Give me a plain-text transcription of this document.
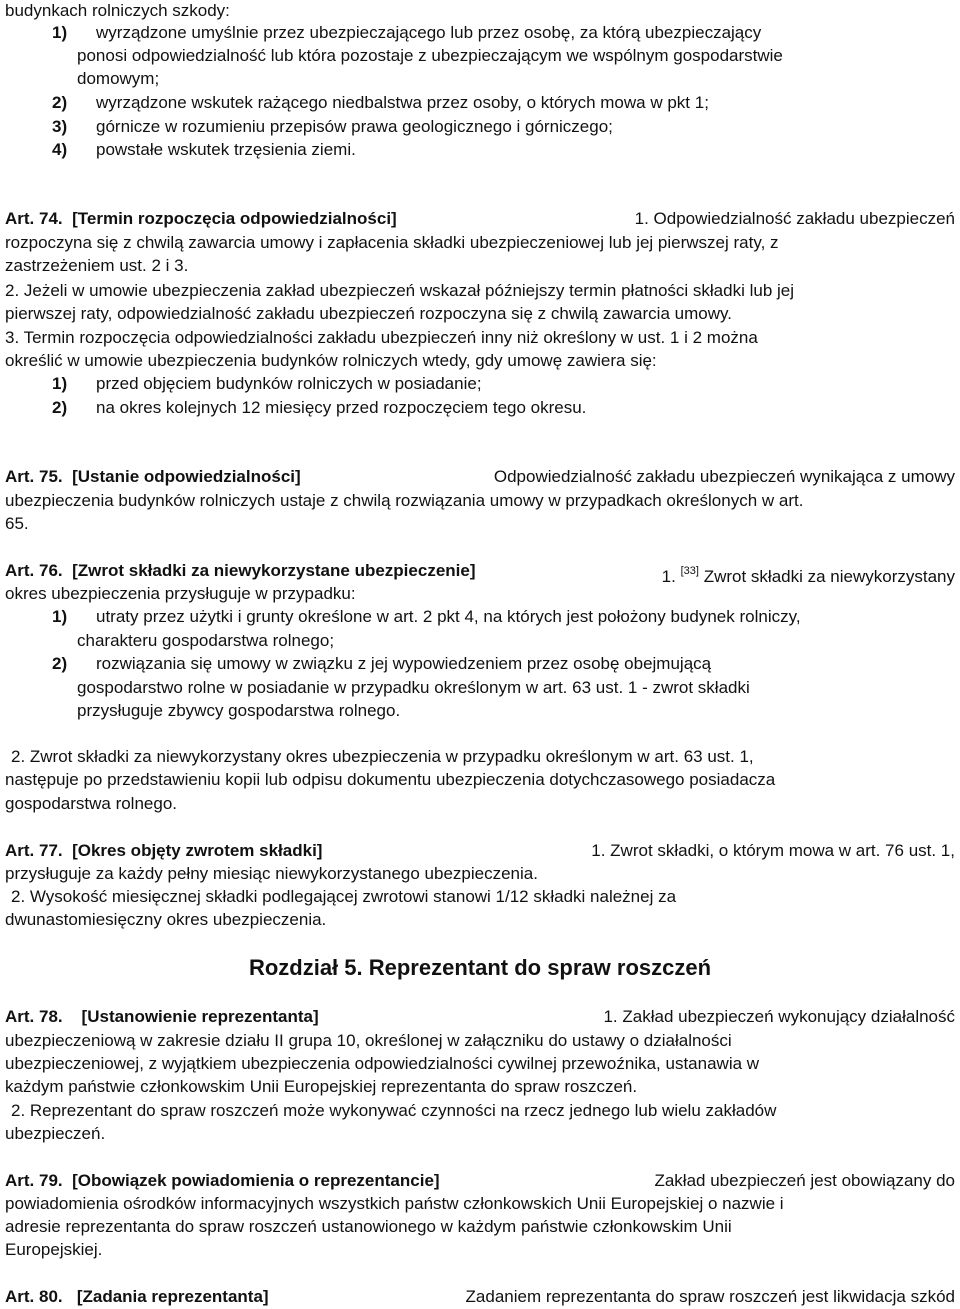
budynkach rolniczych szkody:
1) wyrządzone umyślnie przez ubezpieczającego lub przez osobę, za którą ubezpieczający
ponosi odpowiedzialność lub która pozostaje z ubezpieczającym we wspólnym gospodarstwie
domowym;
2) wyrządzone wskutek rażącego niedbalstwa przez osoby, o których mowa w pkt 1;
3) górnicze w rozumieniu przepisów prawa geologicznego i górniczego;
4) powstałe wskutek trzęsienia ziemi.
Art. 74. [Termin rozpoczęcia odpowiedzialności]	1. Odpowiedzialność zakładu ubezpieczeń
rozpoczyna się z chwilą zawarcia umowy i zapłacenia składki ubezpieczeniowej lub jej pierwszej raty, z
zastrzeżeniem ust. 2 i 3.
2. Jeżeli w umowie ubezpieczenia zakład ubezpieczeń wskazał późniejszy termin płatności składki lub jej
pierwszej raty, odpowiedzialność zakładu ubezpieczeń rozpoczyna się z chwilą zawarcia umowy.
3. Termin rozpoczęcia odpowiedzialności zakładu ubezpieczeń inny niż określony w ust. 1 i 2 można
określić w umowie ubezpieczenia budynków rolniczych wtedy, gdy umowę zawiera się:
1) przed objęciem budynków rolniczych w posiadanie;
2) na okres kolejnych 12 miesięcy przed rozpoczęciem tego okresu.
Art. 75. [Ustanie odpowiedzialności]	Odpowiedzialność zakładu ubezpieczeń wynikająca z umowy
ubezpieczenia budynków rolniczych ustaje z chwilą rozwiązania umowy w przypadkach określonych w art.
65.
Art. 76. [Zwrot składki za niewykorzystane ubezpieczenie]	1. [33] Zwrot składki za niewykorzystany
okres ubezpieczenia przysługuje w przypadku:
1) utraty przez użytki i grunty określone w art. 2 pkt 4, na których jest położony budynek rolniczy,
charakteru gospodarstwa rolnego;
2) rozwiązania się umowy w związku z jej wypowiedzeniem przez osobę obejmującą
gospodarstwo rolne w posiadanie w przypadku określonym w art. 63 ust. 1 - zwrot składki
przysługuje zbywcy gospodarstwa rolnego.
2. Zwrot składki za niewykorzystany okres ubezpieczenia w przypadku określonym w art. 63 ust. 1,
następuje po przedstawieniu kopii lub odpisu dokumentu ubezpieczenia dotychczasowego posiadacza
gospodarstwa rolnego.
Art. 77. [Okres objęty zwrotem składki]	1. Zwrot składki, o którym mowa w art. 76 ust. 1,
przysługuje za każdy pełny miesiąc niewykorzystanego ubezpieczenia.
2. Wysokość miesięcznej składki podlegającej zwrotowi stanowi 1/12 składki należnej za
dwunastomiesięczny okres ubezpieczenia.
Rozdział 5. Reprezentant do spraw roszczeń
Art. 78. [Ustanowienie reprezentanta]	1. Zakład ubezpieczeń wykonujący działalność
ubezpieczeniową w zakresie działu II grupa 10, określonej w załączniku do ustawy o działalności
ubezpieczeniowej, z wyjątkiem ubezpieczenia odpowiedzialności cywilnej przewoźnika, ustanawia w
każdym państwie członkowskim Unii Europejskiej reprezentanta do spraw roszczeń.
2. Reprezentant do spraw roszczeń może wykonywać czynności na rzecz jednego lub wielu zakładów
ubezpieczeń.
Art. 79. [Obowiązek powiadomienia o reprezentancie]	Zakład ubezpieczeń jest obowiązany do
powiadomienia ośrodków informacyjnych wszystkich państw członkowskich Unii Europejskiej o nazwie i
adresie reprezentanta do spraw roszczeń ustanowionego w każdym państwie członkowskim Unii
Europejskiej.
Art. 80. [Zadania reprezentanta]	Zadaniem reprezentanta do spraw roszczeń jest likwidacja szkód
